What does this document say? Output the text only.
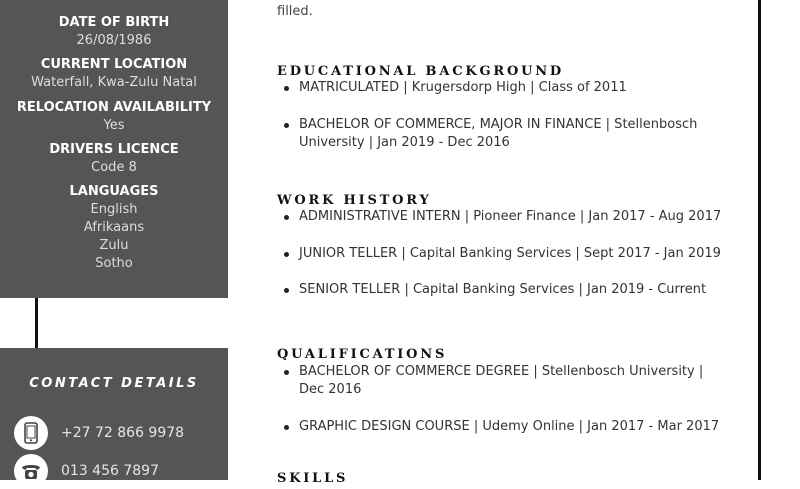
DATE OF BIRTH
26/08/1986
CURRENT LOCATION
Waterfall, Kwa-Zulu Natal
RELOCATION AVAILABILITY
Yes
DRIVERS LICENCE
Code 8
LANGUAGES
English
Afrikaans
Zulu
Sotho
CONTACT DETAILS
+27 72 866 9978
013 456 7897
filled.
EDUCATIONAL BACKGROUND
MATRICULATED | Krugersdorp High | Class of 2011
BACHELOR OF COMMERCE, MAJOR IN FINANCE | Stellenbosch University | Jan 2019 - Dec 2016
WORK HISTORY
ADMINISTRATIVE INTERN | Pioneer Finance | Jan 2017 - Aug 2017
JUNIOR TELLER | Capital Banking Services | Sept 2017 - Jan 2019
SENIOR TELLER | Capital Banking Services | Jan 2019 - Current
QUALIFICATIONS
BACHELOR OF COMMERCE DEGREE | Stellenbosch University | Dec 2016
GRAPHIC DESIGN COURSE | Udemy Online | Jan 2017 - Mar 2017
SKILLS
